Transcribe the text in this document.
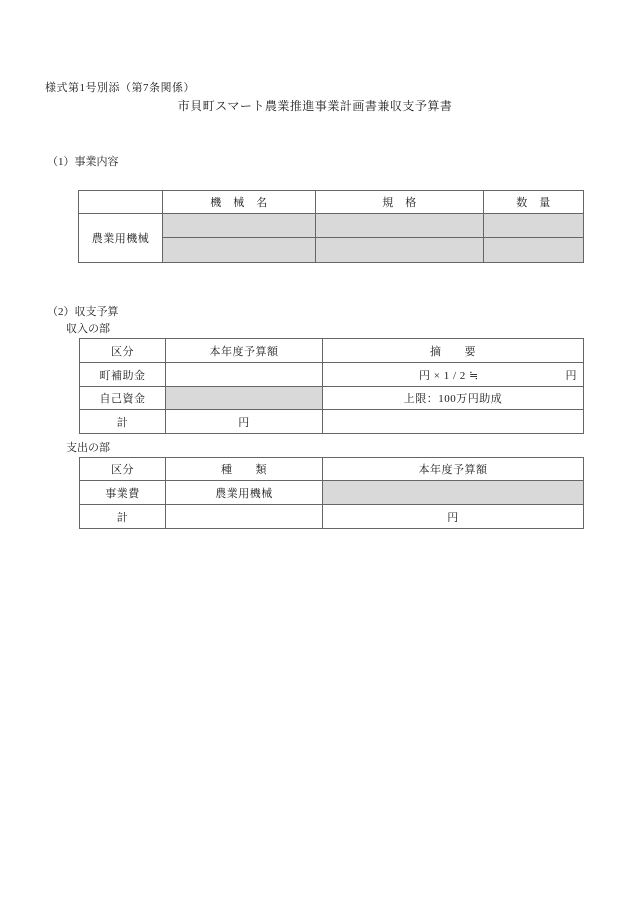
様式第1号別添（第7条関係）
市貝町スマート農業推進事業計画書兼収支予算書
（1）事業内容
	機　械　名	規　格	数　量
農業用機械			

（2）収支予算
収入の部
区分	本年度予算額	摘　　要
町補助金		円 × 1 / 2 ≒ 円

自己資金		上限：100万円助成
計	円	
支出の部
区分	種　　類	本年度予算額
事業費	農業用機械	
計		円
